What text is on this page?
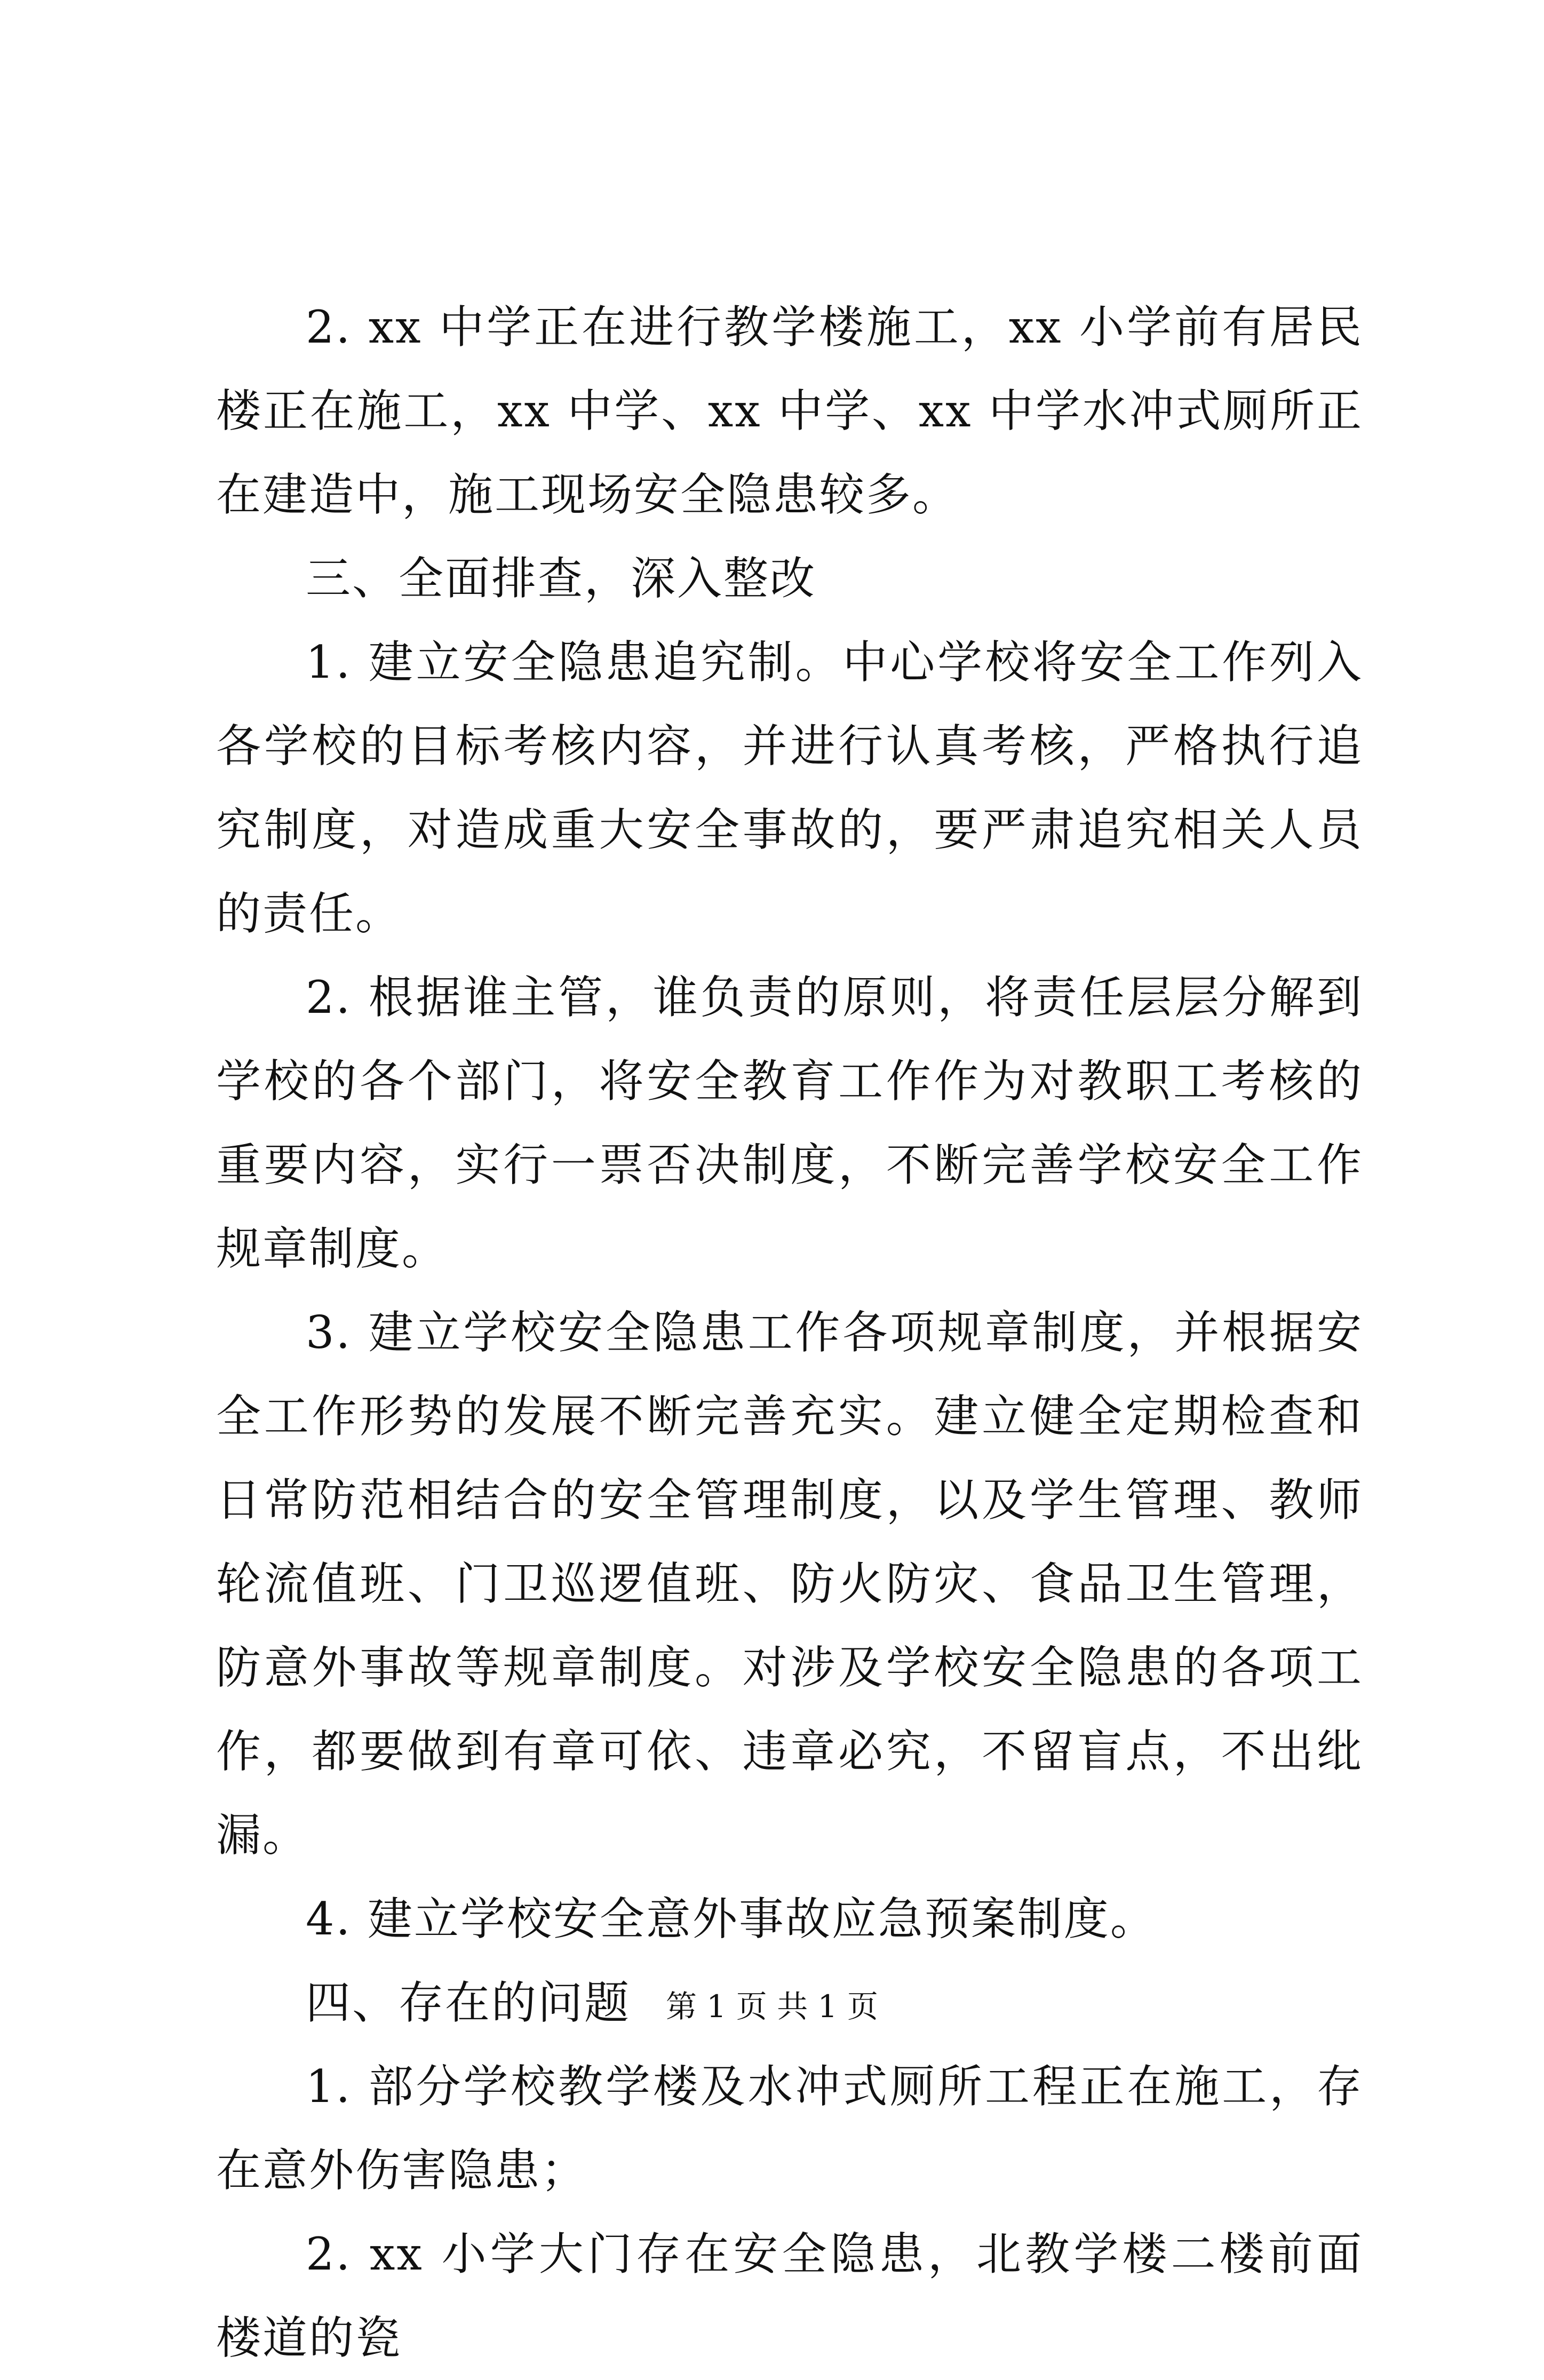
2. xx 中学正在进行教学楼施工，xx 小学前有居民楼正在施工，xx 中学、xx 中学、xx 中学水冲式厕所正在建造中，施工现场安全隐患较多。

三、全面排查，深入整改

1. 建立安全隐患追究制。中心学校将安全工作列入各学校的目标考核内容，并进行认真考核，严格执行追究制度，对造成重大安全事故的，要严肃追究相关人员的责任。

2. 根据谁主管，谁负责的原则，将责任层层分解到学校的各个部门，将安全教育工作作为对教职工考核的重要内容，实行一票否决制度，不断完善学校安全工作规章制度。

3. 建立学校安全隐患工作各项规章制度，并根据安全工作形势的发展不断完善充实。建立健全定期检查和日常防范相结合的安全管理制度，以及学生管理、教师轮流值班、门卫巡逻值班、防火防灾、食品卫生管理，防意外事故等规章制度。对涉及学校安全隐患的各项工作，都要做到有章可依、违章必究，不留盲点，不出纰漏。

4. 建立学校安全意外事故应急预案制度。

四、存在的问题

1. 部分学校教学楼及水冲式厕所工程正在施工，存在意外伤害隐患；

2. xx 小学大门存在安全隐患，北教学楼二楼前面楼道的瓷

第 1 页 共 1 页
